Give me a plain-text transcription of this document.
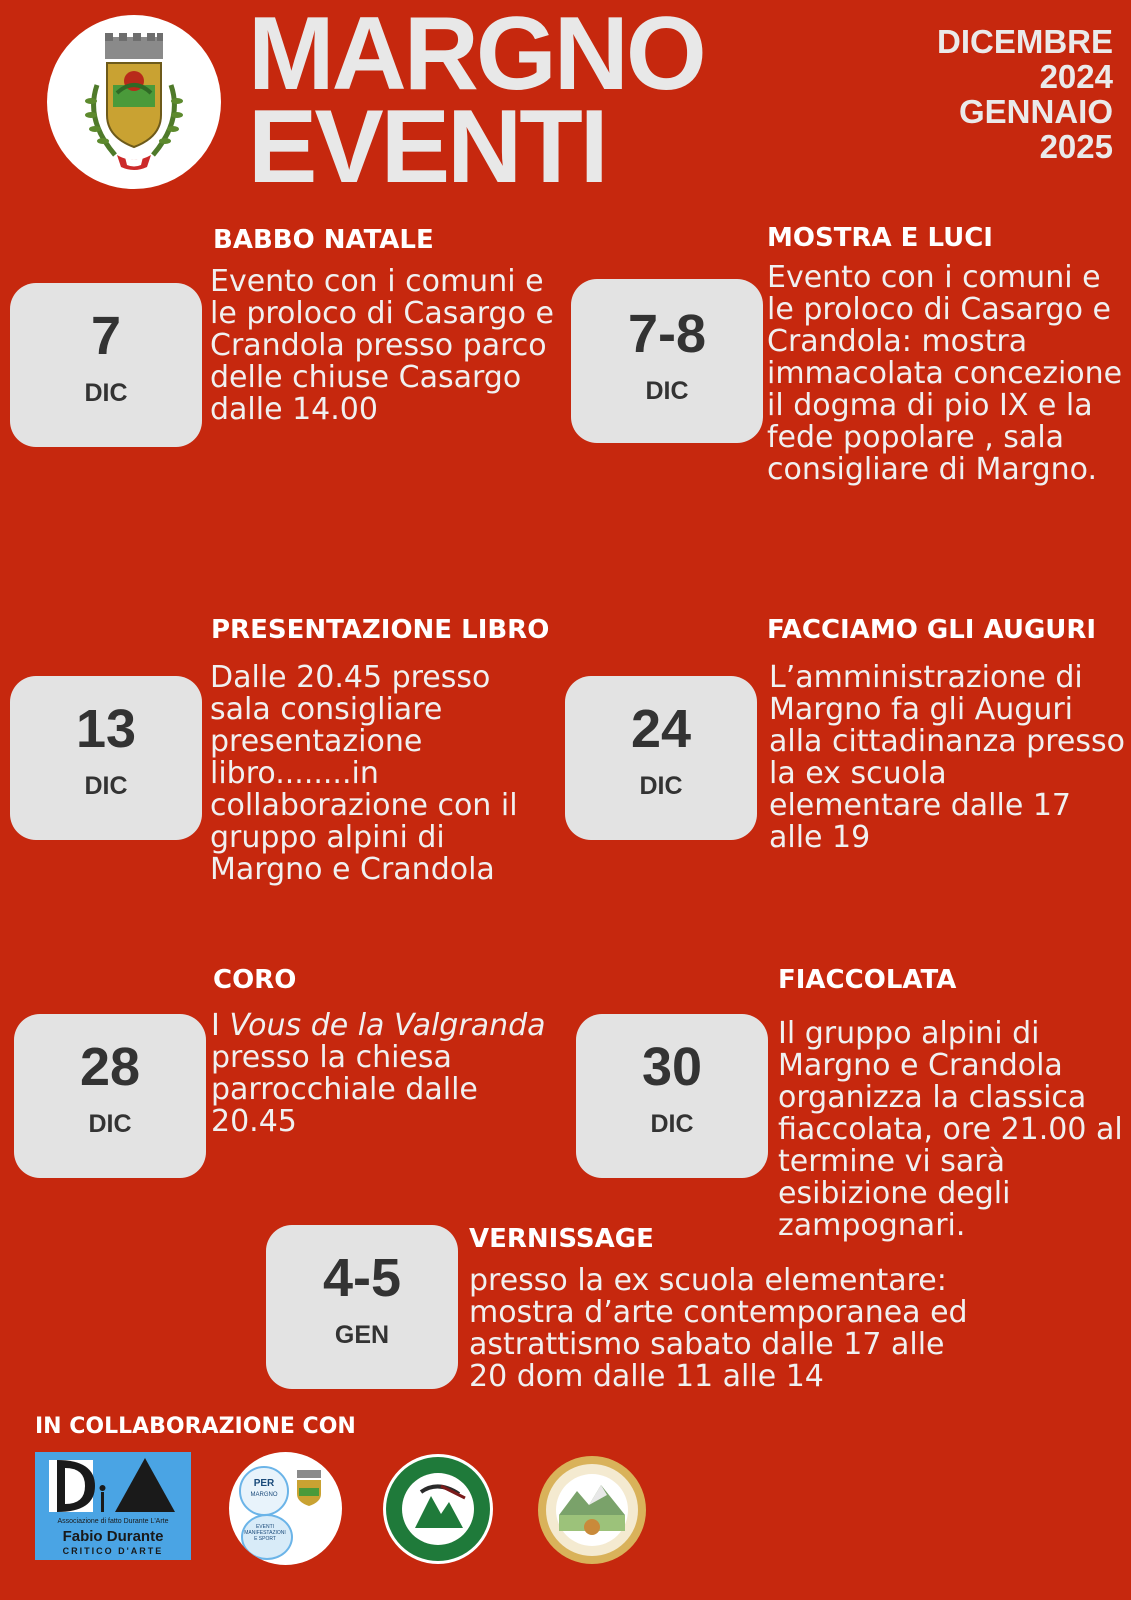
MARGNO
EVENTI
DICEMBRE
2024
GENNAIO
2025
7
DIC
BABBO NATALE
Evento con i comuni e le proloco di Casargo e Crandola presso parco delle chiuse Casargo dalle 14.00
7-8
DIC
MOSTRA E LUCI
Evento con i comuni e le proloco di Casargo e Crandola: mostra immacolata concezione il dogma di pio IX e la fede popolare , sala consigliare di Margno.
13
DIC
PRESENTAZIONE LIBRO
Dalle 20.45 presso sala consigliare presentazione libro........in collaborazione con il gruppo alpini di Margno e Crandola
24
DIC
FACCIAMO GLI AUGURI
L’amministrazione di Margno fa gli Auguri alla cittadinanza presso la ex scuola elementare dalle 17 alle 19
28
DIC
CORO
I Vous de la Valgranda presso la chiesa parrocchiale dalle 20.45
30
DIC
FIACCOLATA
Il gruppo alpini di Margno e Crandola organizza la classica fiaccolata, ore 21.00 al termine vi sarà esibizione degli zampognari.
4-5
GEN
VERNISSAGE
presso la ex scuola elementare: mostra d’arte contemporanea ed astrattismo sabato dalle 17 alle 20 dom dalle 11 alle 14
IN COLLABORAZIONE CON
Associazione di fatto Durante L'Arte
Fabio Durante
CRITICO D'ARTE
PER
MARGNO
EVENTI MANIFESTAZIONI E SPORT
